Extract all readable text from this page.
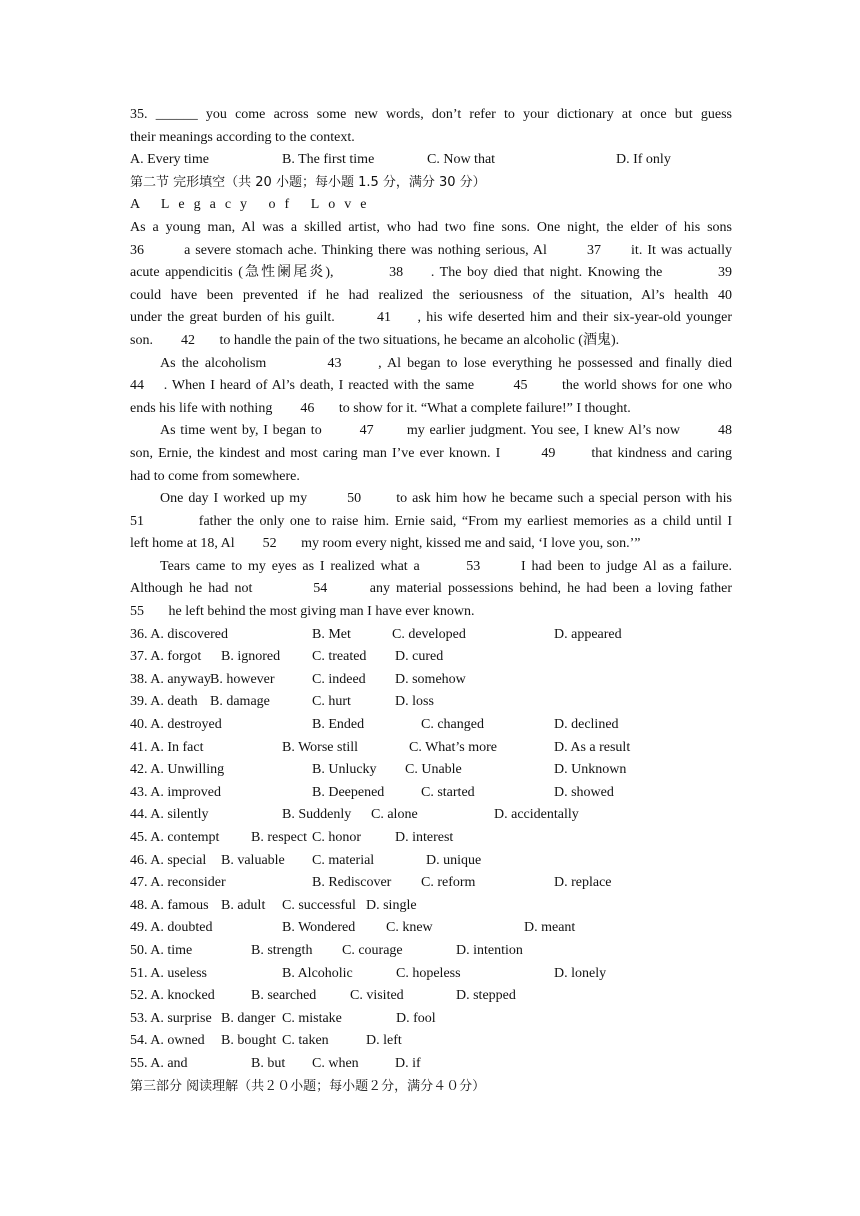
35. ______ you come across some new words, don’t refer to your dictionary at once but guess
their meanings according to the context.
A. Every time	B. The first time	C. Now that	D. If only
第二节 完形填空（共 20 小题；每小题 1.5 分，满分 30 分）
A Legacy of Love
As a young man, Al was a skilled artist, who had two fine sons. One night, the elder of his sons
36        a severe stomach ache. Thinking there was nothing serious, Al        37      it. It was actually
acute appendicitis (急性阑尾炎),          38     . The boy died that night. Knowing the          39
could have been prevented if he had realized the seriousness of the situation, Al’s health 40
under the great burden of his guilt.        41     , his wife deserted him and their six-year-old younger
son.        42       to handle the pain of the two situations, he became an alcoholic (酒鬼).
As the alcoholism          43      , Al began to lose everything he possessed and finally died
44    . When I heard of Al’s death, I reacted with the same        45       the world shows for one who
ends his life with nothing        46       to show for it. “What a complete failure!” I thought.
As time went by, I began to        47       my earlier judgment. You see, I knew Al’s now        48
son, Ernie, the kindest and most caring man I’ve ever known. I        49       that kindness and caring
had to come from somewhere.
One day I worked up my        50       to ask him how he became such a special person with his
51          father the only one to raise him. Ernie said, “From my earliest memories as a child until I
left home at 18, Al        52       my room every night, kissed me and said, ‘I love you, son.’”
Tears came to my eyes as I realized what a        53       I had been to judge Al as a failure.
Although he had not          54       any material possessions behind, he had been a loving father
55       he left behind the most giving man I have ever known.
36. A. discovered	B. Met	C. developed	D. appeared
37. A. forgot B. ignored C. treated D. cured
38. A. anyway B. however	C. indeed D. somehow
39. A. death B. damage	C. hurt	D. loss
40. A. destroyed	B. Ended	C. changed	D. declined
41. A. In fact	B. Worse still	C. What’s more	D. As a result
42. A. Unwilling	B. Unlucky C. Unable	D. Unknown
43. A. improved	B. Deepened	C. started	D. showed
44. A. silently	B. Suddenly C. alone	D. accidentally
45. A. contempt B. respect C. honor D. interest
46. A. special B. valuable C. material	D. unique
47. A. reconsider	B. Rediscover C. reform	D. replace
48. A. famous B. adult C. successful D. single
49. A. doubted	B. Wondered C. knew	D. meant
50. A. time	B. strength C. courage	D. intention
51. A. useless	B. Alcoholic	C. hopeless	D. lonely
52. A. knocked	B. searched C. visited	D. stepped
53. A. surprise B. danger C. mistake	D. fool
54. A. owned B. bought C. taken	D. left
55. A. and	B. but C. when	D. if
第三部分 阅读理解（共２０小题；每小题２分，满分４０分）
